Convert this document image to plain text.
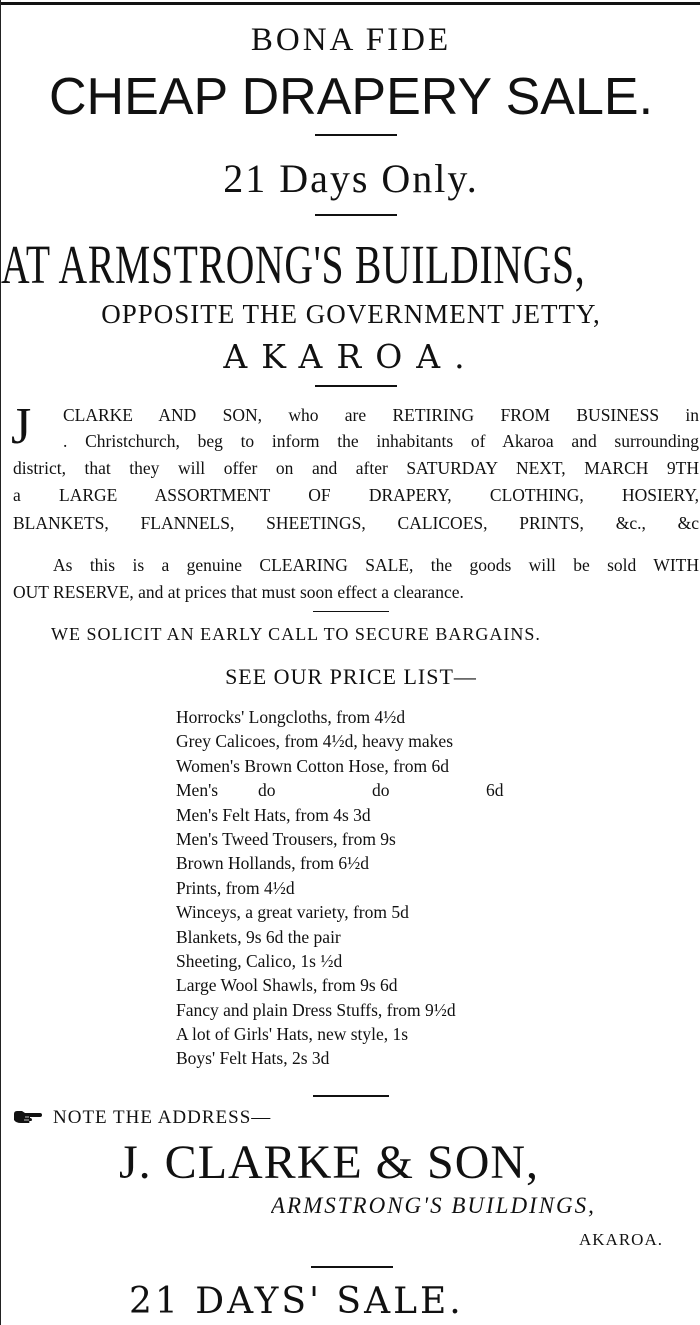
BONA FIDE
CHEAP DRAPERY SALE.
21 Days Only.
AT ARMSTRONG'S BUILDINGS,
OPPOSITE THE GOVERNMENT JETTY,
AKAROA.
J CLARKE AND SON, who are RETIRING FROM BUSINESS in
. Christchurch, beg to inform the inhabitants of Akaroa and surrounding
district, that they will offer on and after SATURDAY NEXT, MARCH 9TH
a LARGE ASSORTMENT OF DRAPERY, CLOTHING, HOSIERY,
BLANKETS, FLANNELS, SHEETINGS, CALICOES, PRINTS, &c., &c
As this is a genuine CLEARING SALE, the goods will be sold WITH
OUT RESERVE, and at prices that must soon effect a clearance.
WE SOLICIT AN EARLY CALL TO SECURE BARGAINS.
SEE OUR PRICE LIST—
Horrocks' Longcloths, from 4½d
Grey Calicoes, from 4½d, heavy makes
Women's Brown Cotton Hose, from 6d
Men's do	do	6d
Men's Felt Hats, from 4s 3d
Men's Tweed Trousers, from 9s
Brown Hollands, from 6½d
Prints, from 4½d
Winceys, a great variety, from 5d
Blankets, 9s 6d the pair
Sheeting, Calico, 1s ½d
Large Wool Shawls, from 9s 6d
Fancy and plain Dress Stuffs, from 9½d
A lot of Girls' Hats, new style, 1s
Boys' Felt Hats, 2s 3d
NOTE THE ADDRESS—
J. CLARKE & SON,
ARMSTRONG'S BUILDINGS,
AKAROA.
21 DAYS' SALE.
